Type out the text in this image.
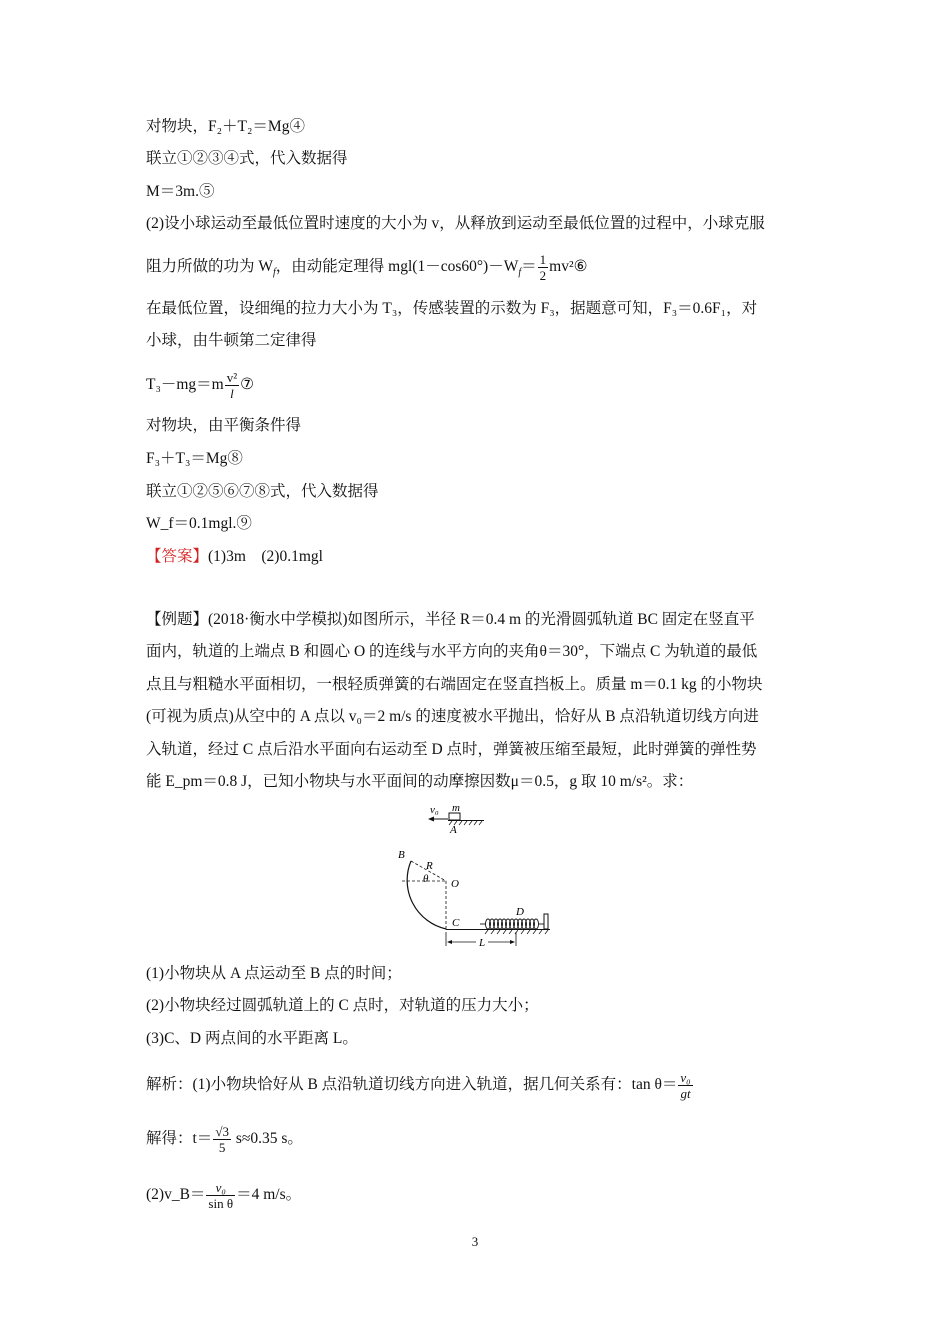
对物块，F₂＋T₂＝Mg④
联立①②③④式，代入数据得
M＝3m.⑤
(2)设小球运动至最低位置时速度的大小为 v，从释放到运动至最低位置的过程中，小球克服
阻力所做的功为 $W_f$，由动能定理得 $mgl(1-\cos 60^\circ)-W_f= \frac{1}{2}$ mv²⑥
在最低位置，设细绳的拉力大小为 T₃，传感装置的示数为 F₃，据题意可知，F₃＝0.6F₁，对
小球，由牛顿第二定律得
$T_3-mg=m \frac{\text{v²}}{l}$ ⑦
对物块，由平衡条件得
F₃＋T₃＝Mg⑧
联立①②⑤⑥⑦⑧式，代入数据得
W_f＝0.1mgl.⑨
【答案】(1)3m　(2)0.1mgl
【例题】(2018·衡水中学模拟)如图所示，半径 R＝0.4 m 的光滑圆弧轨道 BC 固定在竖直平
面内，轨道的上端点 B 和圆心 O 的连线与水平方向的夹角θ＝30°，下端点 C 为轨道的最低
点且与粗糙水平面相切，一根轻质弹簧的右端固定在竖直挡板上。质量 m＝0.1 kg 的小物块
(可视为质点)从空中的 A 点以 v₀＝2 m/s 的速度被水平抛出，恰好从 B 点沿轨道切线方向进
入轨道，经过 C 点后沿水平面向右运动至 D 点时，弹簧被压缩至最短，此时弹簧的弹性势
能 E_pm＝0.8 J，已知小物块与水平面间的动摩擦因数μ＝0.5，g 取 10 m/s²。求：
v₀ m
A
B
R
θ O
C
D
L
(1)小物块从 A 点运动至 B 点的时间；
(2)小物块经过圆弧轨道上的 C 点时，对轨道的压力大小；
(3)C、D 两点间的水平距离 L。
解析：(1)小物块恰好从 B 点沿轨道切线方向进入轨道，据几何关系有：$\tan \theta= \frac{\text{v₀}}{gt}$
解得：$t= \frac{√3}{5} s\approx 0.35$ s。
(2)v_B＝ $\frac{\text{v₀}}{\text{sin θ}} =4$ m/s。
3
